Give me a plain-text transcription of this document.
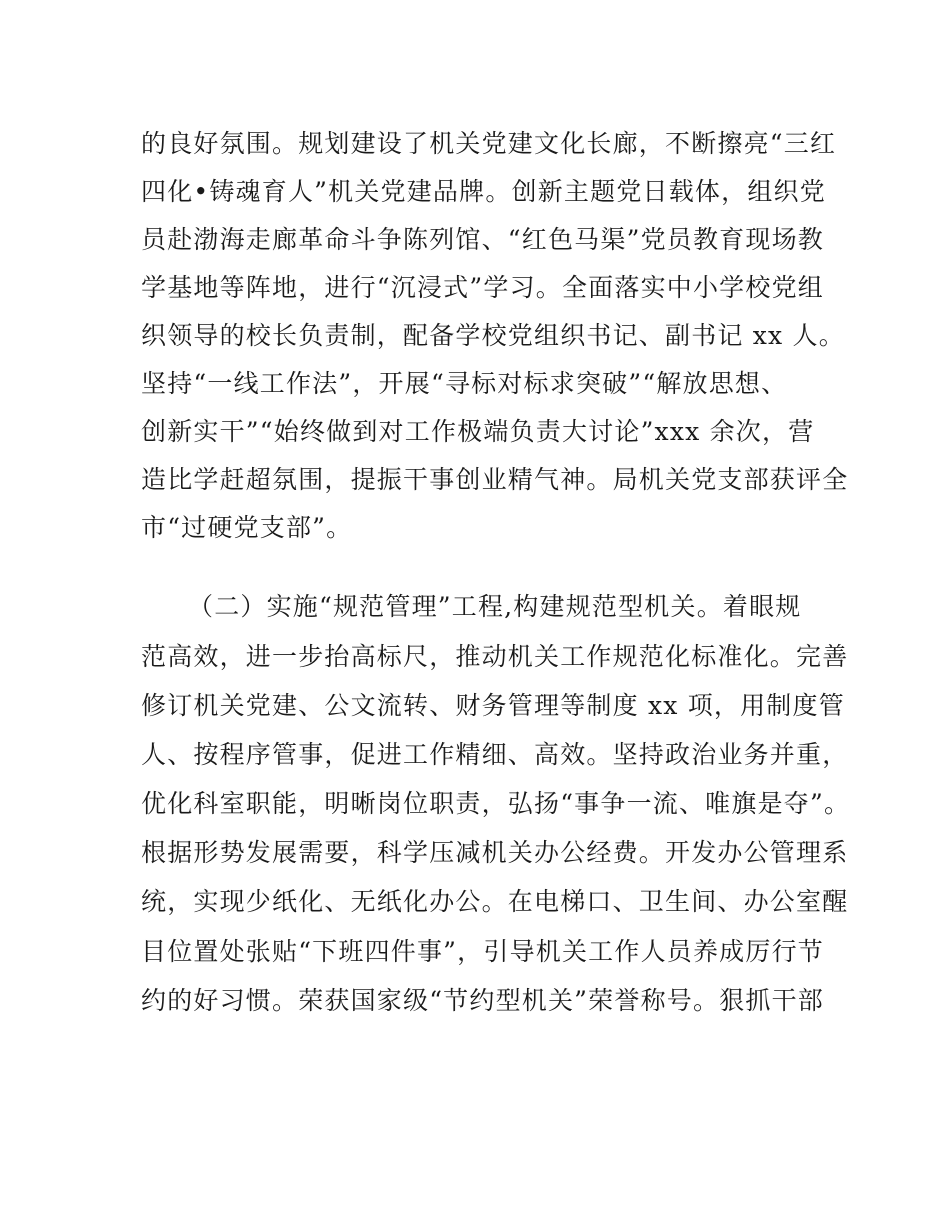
的良好氛围。规划建设了机关党建文化长廊，不断擦亮“三红
四化•铸魂育人”机关党建品牌。创新主题党日载体，组织党
员赴渤海走廊革命斗争陈列馆、“红色马渠”党员教育现场教
学基地等阵地，进行“沉浸式”学习。全面落实中小学校党组
织领导的校长负责制，配备学校党组织书记、副书记 xx 人。
坚持“一线工作法”，开展“寻标对标求突破”“解放思想、
创新实干”“始终做到对工作极端负责大讨论”xxx 余次，营
造比学赶超氛围，提振干事创业精气神。局机关党支部获评全
市“过硬党支部”。
（二）实施“规范管理”工程,构建规范型机关。着眼规
范高效，进一步抬高标尺，推动机关工作规范化标准化。完善
修订机关党建、公文流转、财务管理等制度 xx 项，用制度管
人、按程序管事，促进工作精细、高效。坚持政治业务并重，
优化科室职能，明晰岗位职责，弘扬“事争一流、唯旗是夺”。
根据形势发展需要，科学压减机关办公经费。开发办公管理系
统，实现少纸化、无纸化办公。在电梯口、卫生间、办公室醒
目位置处张贴“下班四件事”，引导机关工作人员养成厉行节
约的好习惯。荣获国家级“节约型机关”荣誉称号。狠抓干部
